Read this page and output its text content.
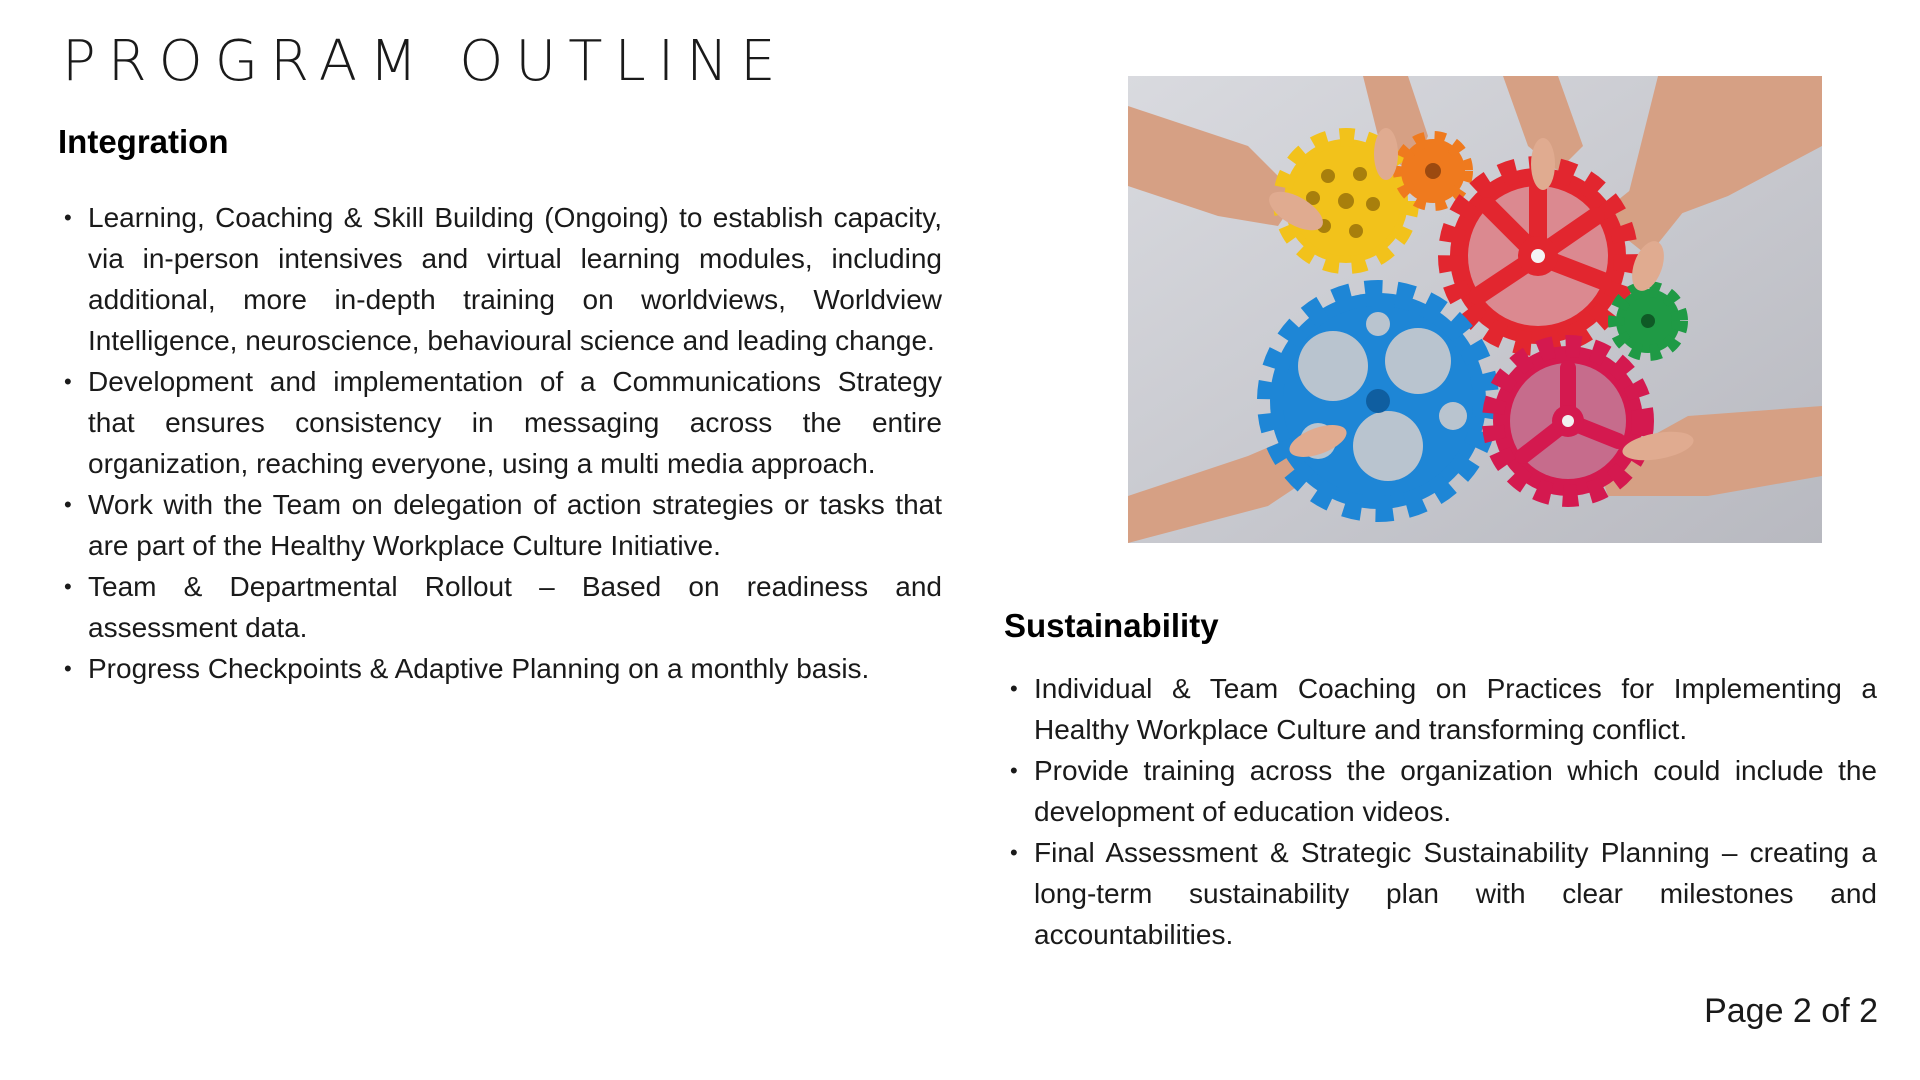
PROGRAM OUTLINE
Integration
• Learning, Coaching & Skill Building (Ongoing) to establish capacity, via in-person intensives and virtual learning modules, including additional, more in-depth training on worldviews, Worldview Intelligence, neuroscience, behavioural science and leading change.
• Development and implementation of a Communications Strategy that ensures consistency in messaging across the entire organization, reaching everyone, using a multi media approach.
• Work with the Team on delegation of action strategies or tasks that are part of the Healthy Workplace Culture Initiative.
• Team & Departmental Rollout – Based on readiness and assessment data.
• Progress Checkpoints & Adaptive Planning on a monthly basis.
Sustainability
• Individual & Team Coaching on Practices for Implementing a Healthy Workplace Culture and transforming conflict.
• Provide training across the organization which could include the development of education videos.
• Final Assessment & Strategic Sustainability Planning – creating a long-term sustainability plan with clear milestones and accountabilities.
Page 2 of 2
